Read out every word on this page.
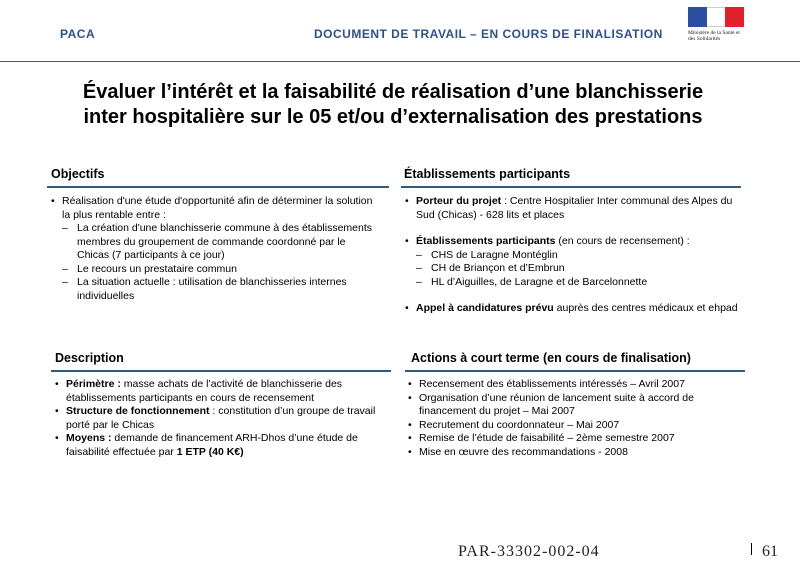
PACA	DOCUMENT DE TRAVAIL – EN COURS DE FINALISATION	Ministère de la Santé et des Solidarités
Évaluer l’intérêt et la faisabilité de réalisation d’une blanchisserie
inter hospitalière sur le 05 et/ou d’externalisation des prestations
Objectifs
• Réalisation d'une étude d'opportunité afin de déterminer la solution la plus rentable entre :
– La création d'une blanchisserie commune à des établissements membres du groupement de commande coordonné par le Chicas (7 participants à ce jour)
– Le recours un prestataire commun
– La situation actuelle : utilisation de blanchisseries internes individuelles
Établissements participants
• Porteur du projet : Centre Hospitalier Inter communal des Alpes du Sud (Chicas) - 628 lits et places
• Établissements participants (en cours de recensement) :
– CHS de Laragne Montéglin
– CH de Briançon et d’Embrun
– HL d’Aiguilles, de Laragne et de Barcelonnette
• Appel à candidatures prévu auprès des centres médicaux et ehpad
Description
• Périmètre : masse achats de l’activité de blanchisserie des établissements participants en cours de recensement
• Structure de fonctionnement : constitution d’un groupe de travail porté par le Chicas
• Moyens : demande de financement ARH-Dhos d’une étude de faisabilité effectuée par 1 ETP (40 K€)
Actions à court terme (en cours de finalisation)
• Recensement des établissements intéressés – Avril 2007
• Organisation d’une réunion de lancement suite à accord de financement du projet – Mai 2007
• Recrutement du coordonnateur – Mai 2007
• Remise de l’étude de faisabilité – 2ème semestre 2007
• Mise en œuvre des recommandations - 2008
PAR-33302-002-04	61
